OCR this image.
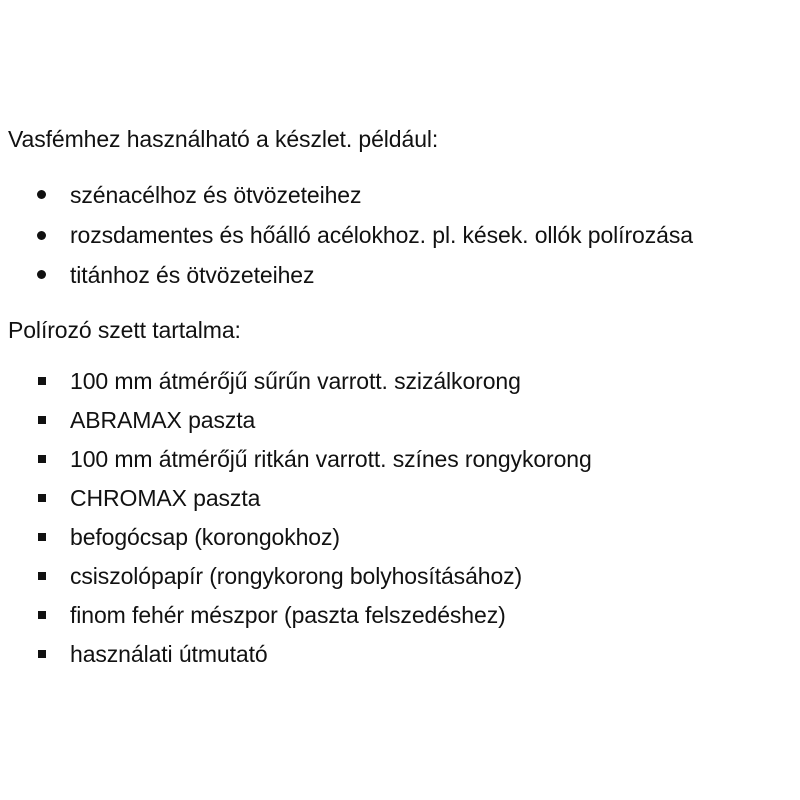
Vasfémhez használható a készlet. például:
szénacélhoz és ötvözeteihez
rozsdamentes és hőálló acélokhoz. pl. kések. ollók polírozása
titánhoz és ötvözeteihez
Polírozó szett tartalma:
100 mm átmérőjű sűrűn varrott. szizálkorong
ABRAMAX paszta
100 mm átmérőjű ritkán varrott. színes rongykorong
CHROMAX paszta
befogócsap (korongokhoz)
csiszolópapír (rongykorong bolyhosításához)
finom fehér mészpor (paszta felszedéshez)
használati útmutató
